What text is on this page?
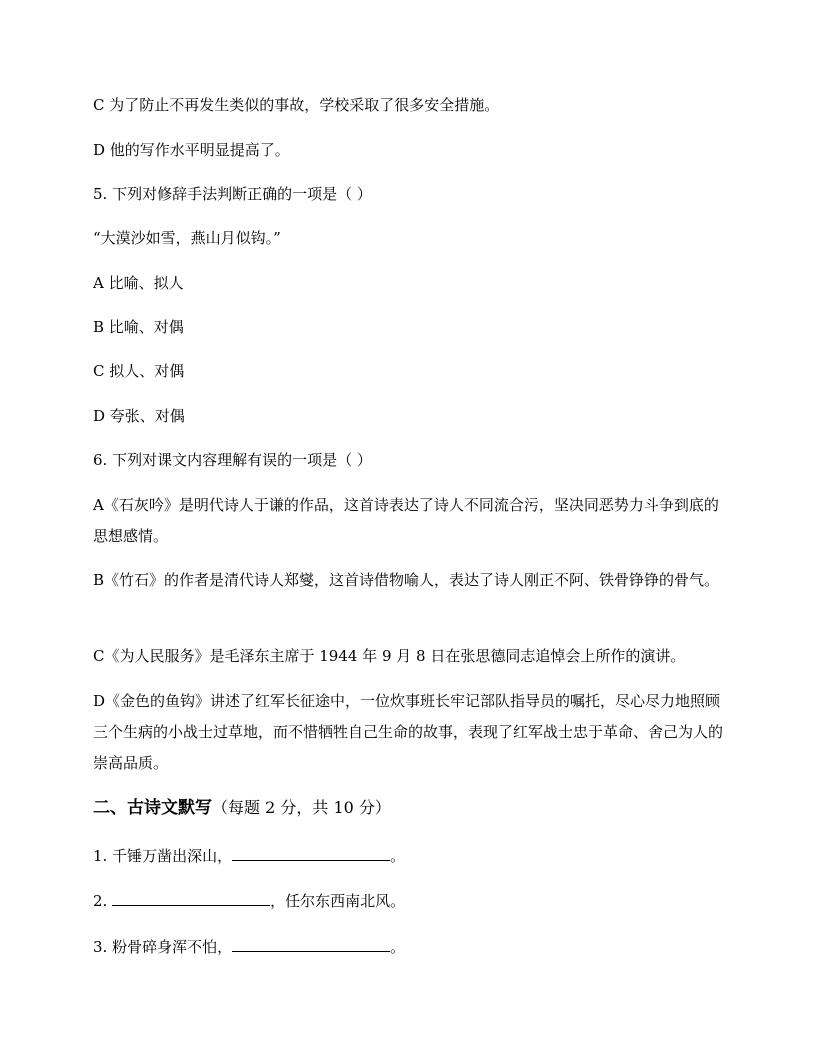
C 为了防止不再发生类似的事故，学校采取了很多安全措施。
D 他的写作水平明显提高了。
5. 下列对修辞手法判断正确的一项是（ ）
“大漠沙如雪，燕山月似钩。”
A 比喻、拟人
B 比喻、对偶
C 拟人、对偶
D 夸张、对偶
6. 下列对课文内容理解有误的一项是（ ）
A《石灰吟》是明代诗人于谦的作品，这首诗表达了诗人不同流合污，坚决同恶势力斗争到底的思想感情。
B《竹石》的作者是清代诗人郑燮，这首诗借物喻人，表达了诗人刚正不阿、铁骨铮铮的骨气。
C《为人民服务》是毛泽东主席于 1944 年 9 月 8 日在张思德同志追悼会上所作的演讲。
D《金色的鱼钩》讲述了红军长征途中，一位炊事班长牢记部队指导员的嘱托，尽心尽力地照顾三个生病的小战士过草地，而不惜牺牲自己生命的故事，表现了红军战士忠于革命、舍己为人的崇高品质。
二、古诗文默写（每题 2 分，共 10 分）
1. 千锤万凿出深山，	。
2.	，任尔东西南北风。
3. 粉骨碎身浑不怕，	。
